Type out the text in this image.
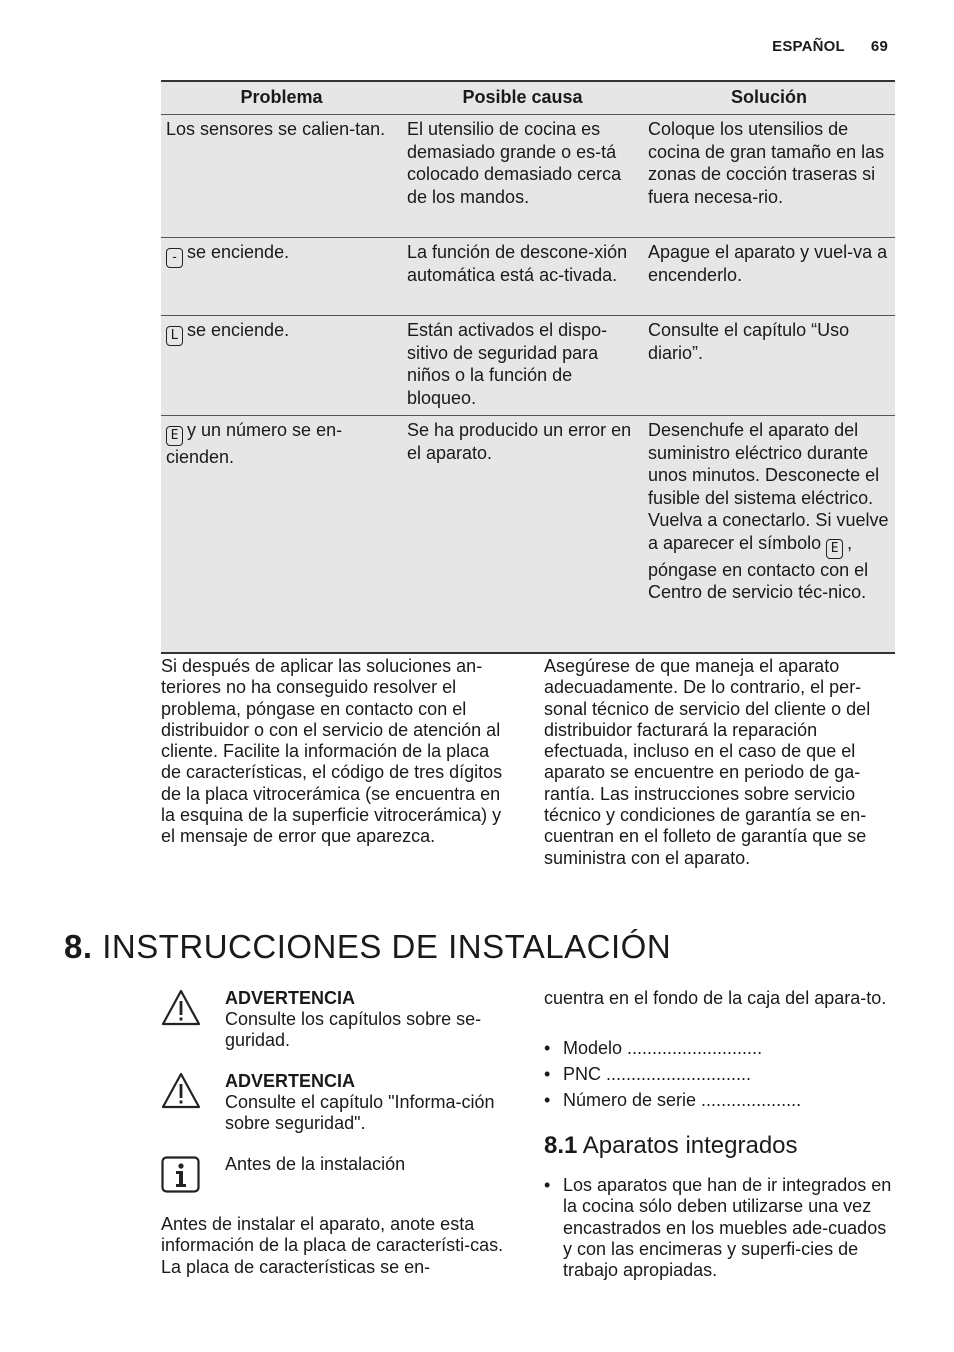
ESPAÑOL 69
Problema	Posible causa	Solución
Los sensores se calien-tan.	El utensilio de cocina es demasiado grande o es-tá colocado demasiado cerca de los mandos.	Coloque los utensilios de cocina de gran tamaño en las zonas de cocción traseras si fuera necesa-rio.
- se enciende.	La función de descone-xión automática está ac-tivada.	Apague el aparato y vuel-va a encenderlo.
L se enciende.	Están activados el dispo-sitivo de seguridad para niños o la función de bloqueo.	Consulte el capítulo “Uso diario”.
E y un número se en-cienden.	Se ha producido un error en el aparato.	Desenchufe el aparato del suministro eléctrico durante unos minutos. Desconecte el fusible del sistema eléctrico. Vuelva a conectarlo. Si vuelve a aparecer el símbolo E , póngase en contacto con el Centro de servicio téc-nico.
Si después de aplicar las soluciones an-teriores no ha conseguido resolver el problema, póngase en contacto con el distribuidor o con el servicio de atención al cliente. Facilite la información de la placa de características, el código de tres dígitos de la placa vitrocerámica (se encuentra en la esquina de la superficie vitrocerámica) y el mensaje de error que aparezca.
Asegúrese de que maneja el aparato adecuadamente. De lo contrario, el per-sonal técnico de servicio del cliente o del distribuidor facturará la reparación efectuada, incluso en el caso de que el aparato se encuentre en periodo de ga-rantía. Las instrucciones sobre servicio técnico y condiciones de garantía se en-cuentran en el folleto de garantía que se suministra con el aparato.
8. INSTRUCCIONES DE INSTALACIÓN
ADVERTENCIA
Consulte los capítulos sobre se-guridad.
ADVERTENCIA
Consulte el capítulo "Informa-ción sobre seguridad".
Antes de la instalación
Antes de instalar el aparato, anote esta información de la placa de característi-cas. La placa de características se en-
cuentra en el fondo de la caja del apara-to.
• Modelo ...........................
• PNC .............................
• Número de serie ....................
8.1 Aparatos integrados
• Los aparatos que han de ir integrados en la cocina sólo deben utilizarse una vez encastrados en los muebles ade-cuados y con las encimeras y superfi-cies de trabajo apropiadas.
